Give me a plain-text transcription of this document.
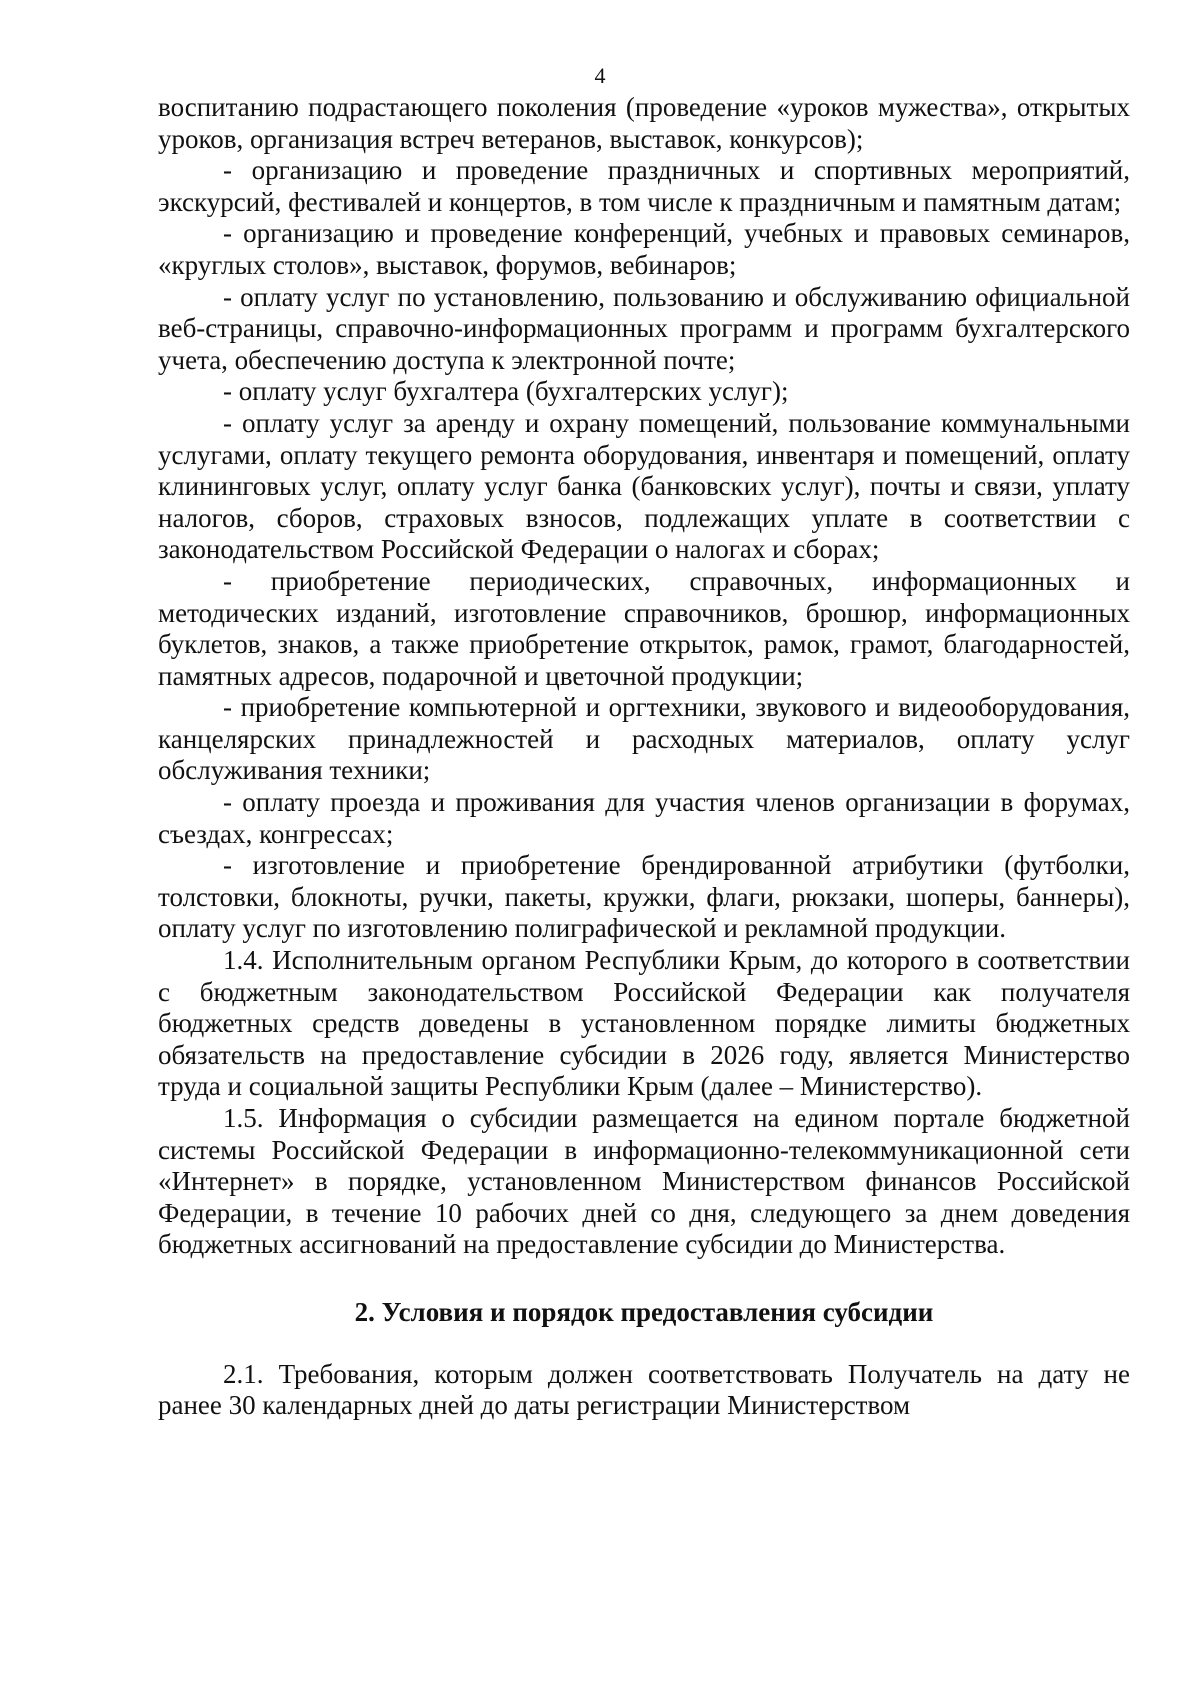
4

воспитанию подрастающего поколения (проведение «уроков мужества», открытых уроков, организация встреч ветеранов, выставок, конкурсов);

- организацию и проведение праздничных и спортивных мероприятий, экскурсий, фестивалей и концертов, в том числе к праздничным и памятным датам;

- организацию и проведение конференций, учебных и правовых семинаров, «круглых столов», выставок, форумов, вебинаров;

- оплату услуг по установлению, пользованию и обслуживанию официальной веб-страницы, справочно-информационных программ и программ бухгалтерского учета, обеспечению доступа к электронной почте;

- оплату услуг бухгалтера (бухгалтерских услуг);

- оплату услуг за аренду и охрану помещений, пользование коммунальными услугами, оплату текущего ремонта оборудования, инвентаря и помещений, оплату клининговых услуг, оплату услуг банка (банковских услуг), почты и связи, уплату налогов, сборов, страховых взносов, подлежащих уплате в соответствии с законодательством Российской Федерации о налогах и сборах;

- приобретение периодических, справочных, информационных и методических изданий, изготовление справочников, брошюр, информационных буклетов, знаков, а также приобретение открыток, рамок, грамот, благодарностей, памятных адресов, подарочной и цветочной продукции;

- приобретение компьютерной и оргтехники, звукового и видеооборудования, канцелярских принадлежностей и расходных материалов, оплату услуг обслуживания техники;

- оплату проезда и проживания для участия членов организации в форумах, съездах, конгрессах;

- изготовление и приобретение брендированной атрибутики (футболки, толстовки, блокноты, ручки, пакеты, кружки, флаги, рюкзаки, шоперы, баннеры), оплату услуг по изготовлению полиграфической и рекламной продукции.

1.4. Исполнительным органом Республики Крым, до которого в соответствии с бюджетным законодательством Российской Федерации как получателя бюджетных средств доведены в установленном порядке лимиты бюджетных обязательств на предоставление субсидии в 2026 году, является Министерство труда и социальной защиты Республики Крым (далее – Министерство).

1.5. Информация о субсидии размещается на едином портале бюджетной системы Российской Федерации в информационно-телекоммуникационной сети «Интернет» в порядке, установленном Министерством финансов Российской Федерации, в течение 10 рабочих дней со дня, следующего за днем доведения бюджетных ассигнований на предоставление субсидии до Министерства.

2. Условия и порядок предоставления субсидии

2.1. Требования, которым должен соответствовать Получатель на дату не ранее 30 календарных дней до даты регистрации Министерством
